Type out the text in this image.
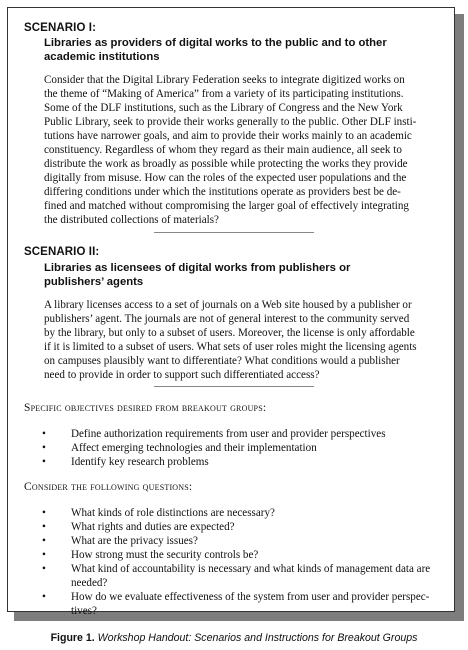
SCENARIO I:
Libraries as providers of digital works to the public and to other
academic institutions
Consider that the Digital Library Federation seeks to integrate digitized works on
the theme of “Making of America” from a variety of its participating institutions.
Some of the DLF institutions, such as the Library of Congress and the New York
Public Library, seek to provide their works generally to the public. Other DLF insti-
tutions have narrower goals, and aim to provide their works mainly to an academic
constituency. Regardless of whom they regard as their main audience, all seek to
distribute the work as broadly as possible while protecting the works they provide
digitally from misuse. How can the roles of the expected user populations and the
differing conditions under which the institutions operate as providers best be de-
fined and matched without compromising the larger goal of effectively integrating
the distributed collections of materials?
SCENARIO II:
Libraries as licensees of digital works from publishers or
publishers’ agents
A library licenses access to a set of journals on a Web site housed by a publisher or
publishers’ agent. The journals are not of general interest to the community served
by the library, but only to a subset of users. Moreover, the license is only affordable
if it is limited to a subset of users. What sets of user roles might the licensing agents
on campuses plausibly want to differentiate? What conditions would a publisher
need to provide in order to support such differentiated access?
Specific objectives desired from breakout groups:
• Define authorization requirements from user and provider perspectives
• Affect emerging technologies and their implementation
• Identify key research problems
Consider the following questions:
• What kinds of role distinctions are necessary?
• What rights and duties are expected?
• What are the privacy issues?
• How strong must the security controls be?
• What kind of accountability is necessary and what kinds of management data are
needed?
• How do we evaluate effectiveness of the system from user and provider perspec-
tives?
Figure 1. Workshop Handout: Scenarios and Instructions for Breakout Groups
